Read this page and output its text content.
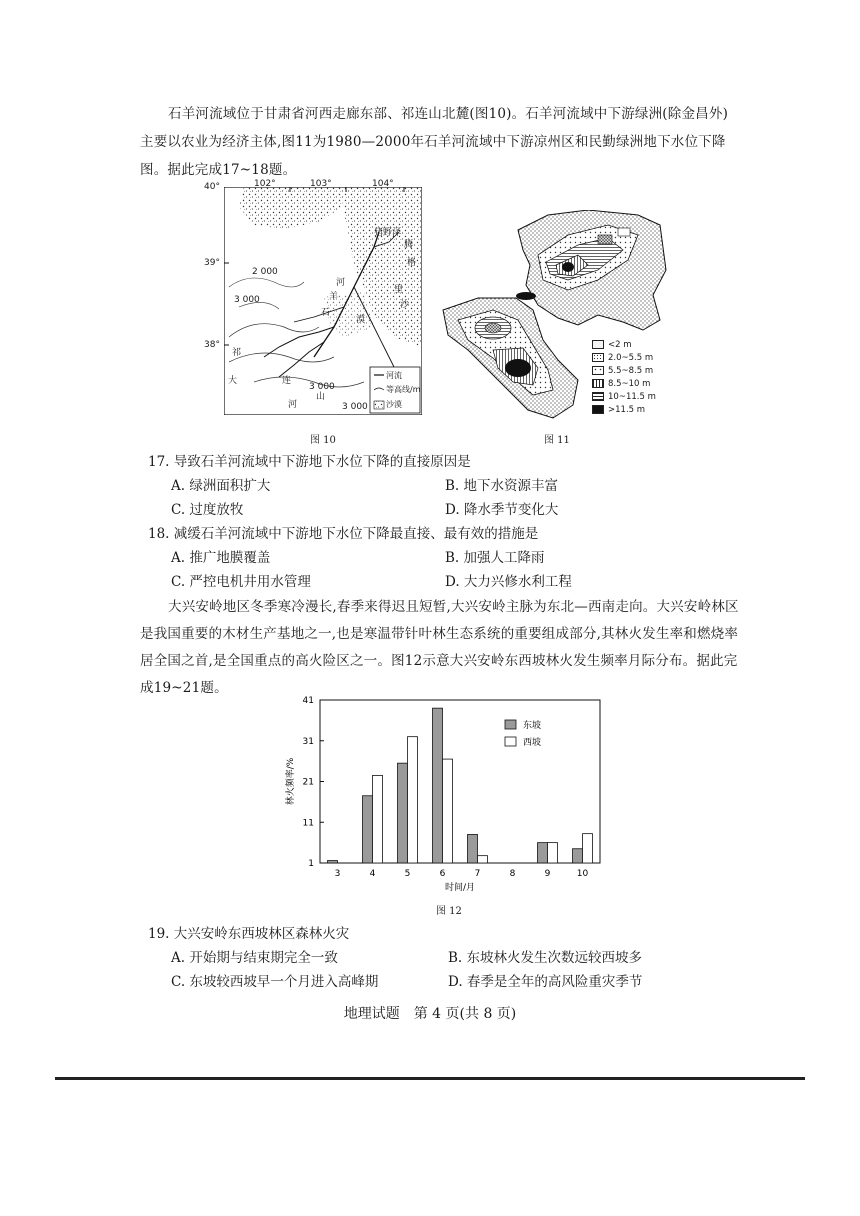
石羊河流域位于甘肃省河西走廊东部、祁连山北麓(图10)。石羊河流域中下游绿洲(除金昌外)主要以农业为经济主体,图11为1980—2000年石羊河流域中下游凉州区和民勤绿洲地下水位下降图。据此完成17~18题。
102°	103°	104°
40°
39°
38°
2 000
3 000
3 000
3 000
腾
格
里
沙
漠
石
羊
河
祁
大	连
山
河
猪野泽
河流
等高线/m
沙漠
图 10
<2 m
2.0~5.5 m
5.5~8.5 m
8.5~10 m
10~11.5 m
>11.5 m
图 11
17. 导致石羊河流域中下游地下水位下降的直接原因是
A. 绿洲面积扩大	B. 地下水资源丰富
C. 过度放牧	D. 降水季节变化大
18. 减缓石羊河流域中下游地下水位下降最直接、最有效的措施是
A. 推广地膜覆盖	B. 加强人工降雨
C. 严控电机井用水管理	D. 大力兴修水利工程
大兴安岭地区冬季寒冷漫长,春季来得迟且短暂,大兴安岭主脉为东北—西南走向。大兴安岭林区是我国重要的木材生产基地之一,也是寒温带针叶林生态系统的重要组成部分,其林火发生率和燃烧率居全国之首,是全国重点的高火险区之一。图12示意大兴安岭东西坡林火发生频率月际分布。据此完成19~21题。
1
11
21
31
41
3	4	5	6	7	8	9	10
时间/月
林火频率/%
东坡
西坡
图 12
19. 大兴安岭东西坡林区森林火灾
A. 开始期与结束期完全一致	B. 东坡林火发生次数远较西坡多
C. 东坡较西坡早一个月进入高峰期	D. 春季是全年的高风险重灾季节
地理试题　第 4 页(共 8 页)
